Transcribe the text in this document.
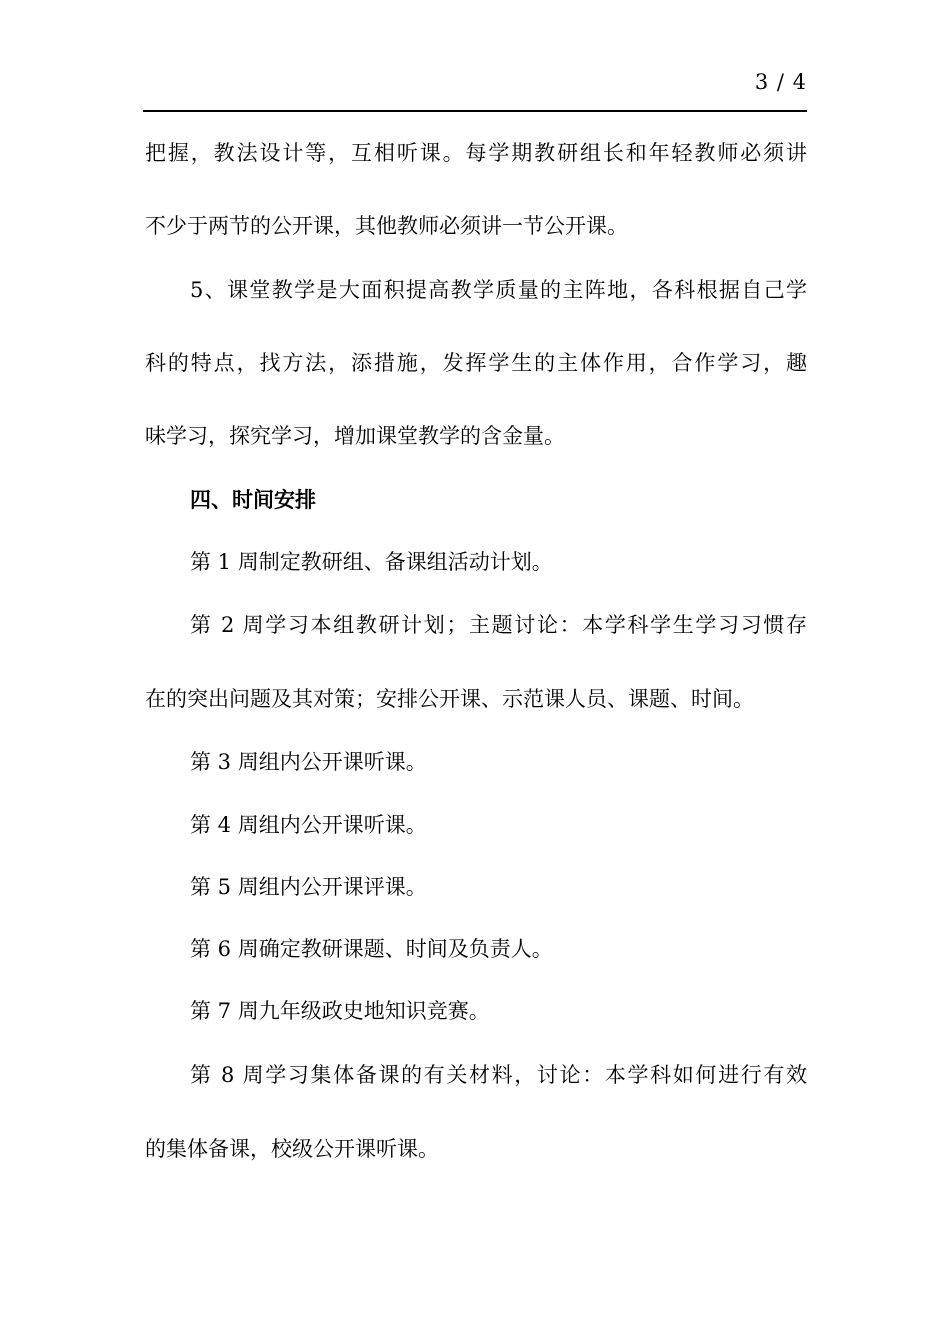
3 / 4
把握，教法设计等，互相听课。每学期教研组长和年轻教师必须讲
不少于两节的公开课，其他教师必须讲一节公开课。
5、课堂教学是大面积提高教学质量的主阵地，各科根据自己学
科的特点，找方法，添措施，发挥学生的主体作用，合作学习，趣
味学习，探究学习，增加课堂教学的含金量。
四、时间安排
第 1 周制定教研组、备课组活动计划。
第 2 周学习本组教研计划；主题讨论：本学科学生学习习惯存
在的突出问题及其对策；安排公开课、示范课人员、课题、时间。
第 3 周组内公开课听课。
第 4 周组内公开课听课。
第 5 周组内公开课评课。
第 6 周确定教研课题、时间及负责人。
第 7 周九年级政史地知识竞赛。
第 8 周学习集体备课的有关材料，讨论：本学科如何进行有效
的集体备课，校级公开课听课。
